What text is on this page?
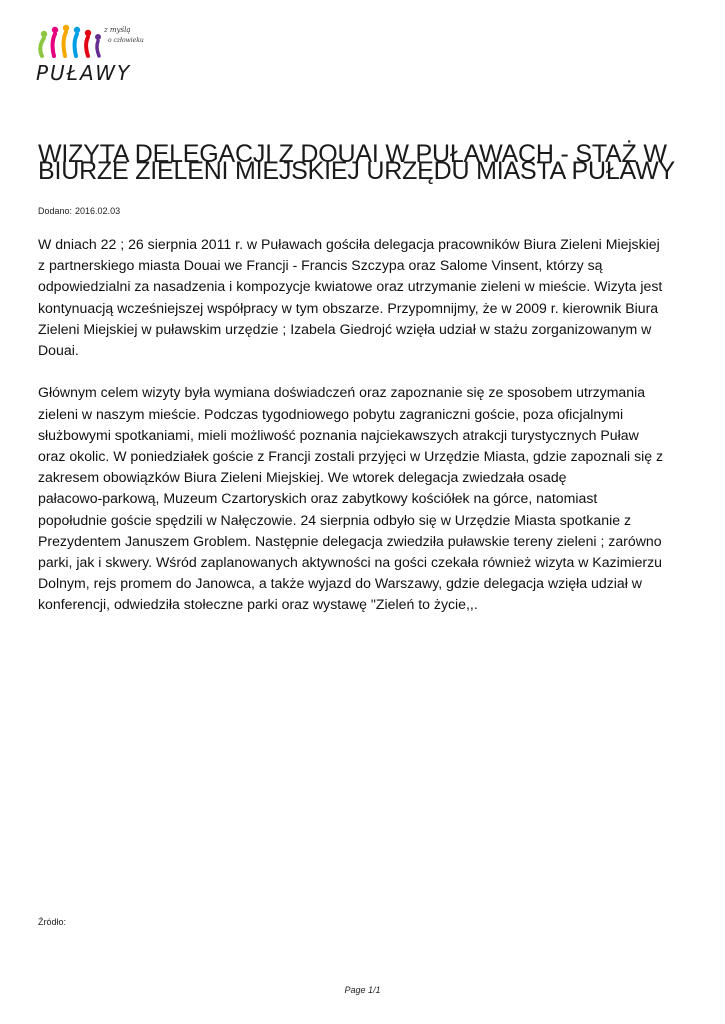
z myślą
o człowieku
PUŁAWY
WIZYTA DELEGACJI Z DOUAI W PUŁAWACH - STAŻ W BIURZE ZIELENI MIEJSKIEJ URZĘDU MIASTA PUŁAWY
Dodano: 2016.02.03

W dniach 22 ; 26 sierpnia 2011 r. w Puławach gościła delegacja pracowników Biura Zieleni Miejskiej
z partnerskiego miasta Douai we Francji - Francis Szczypa oraz Salome Vinsent, którzy są
odpowiedzialni za nasadzenia i kompozycje kwiatowe oraz utrzymanie zieleni w mieście. Wizyta jest
kontynuacją wcześniejszej współpracy w tym obszarze. Przypomnijmy, że w 2009 r. kierownik Biura
Zieleni Miejskiej w puławskim urzędzie ; Izabela Giedrojć wzięła udział w stażu zorganizowanym w
Douai.

Głównym celem wizyty była wymiana doświadczeń oraz zapoznanie się ze sposobem utrzymania
zieleni w naszym mieście. Podczas tygodniowego pobytu zagraniczni goście, poza oficjalnymi
służbowymi spotkaniami, mieli możliwość poznania najciekawszych atrakcji turystycznych Puław
oraz okolic. W poniedziałek goście z Francji zostali przyjęci w Urzędzie Miasta, gdzie zapoznali się z
zakresem obowiązków Biura Zieleni Miejskiej. We wtorek delegacja zwiedzała osadę
pałacowo-parkową, Muzeum Czartoryskich oraz zabytkowy kościółek na górce, natomiast
popołudnie goście spędzili w Nałęczowie. 24 sierpnia odbyło się w Urzędzie Miasta spotkanie z
Prezydentem Januszem Groblem. Następnie delegacja zwiedziła puławskie tereny zieleni ; zarówno
parki, jak i skwery. Wśród zaplanowanych aktywności na gości czekała również wizyta w Kazimierzu
Dolnym, rejs promem do Janowca, a także wyjazd do Warszawy, gdzie delegacja wzięła udział w
konferencji, odwiedziła stołeczne parki oraz wystawę "Zieleń to życie,,.

Źródło:
Page 1/1
